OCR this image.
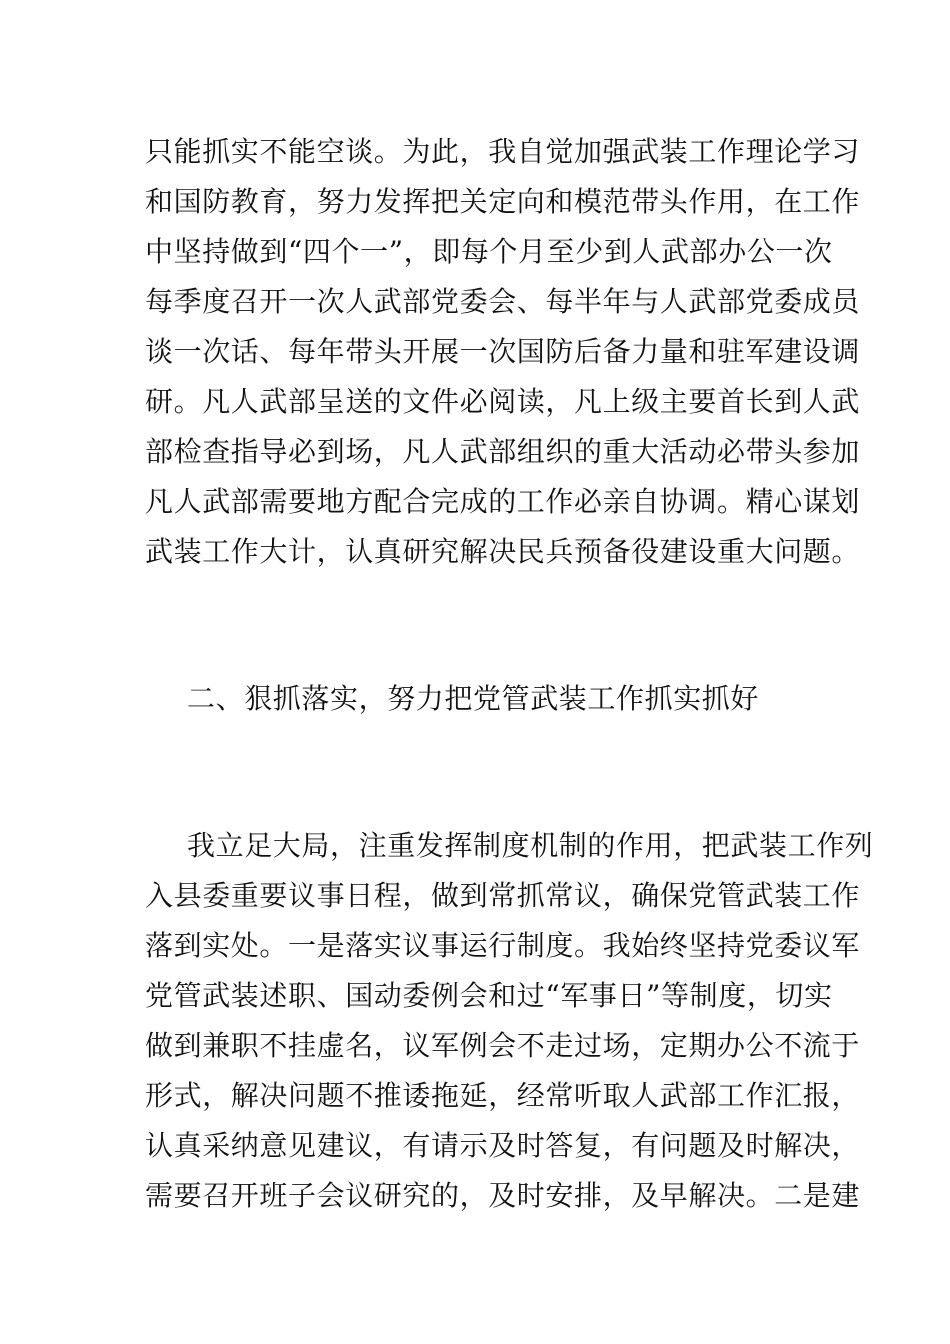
只能抓实不能空谈。为此，我自觉加强武装工作理论学习
和国防教育，努力发挥把关定向和模范带头作用，在工作
中坚持做到“四个一”，即每个月至少到人武部办公一次
每季度召开一次人武部党委会、每半年与人武部党委成员
谈一次话、每年带头开展一次国防后备力量和驻军建设调
研。凡人武部呈送的文件必阅读，凡上级主要首长到人武
部检查指导必到场，凡人武部组织的重大活动必带头参加
凡人武部需要地方配合完成的工作必亲自协调。精心谋划
武装工作大计，认真研究解决民兵预备役建设重大问题。
二、狠抓落实，努力把党管武装工作抓实抓好
我立足大局，注重发挥制度机制的作用，把武装工作列
入县委重要议事日程，做到常抓常议，确保党管武装工作
落到实处。一是落实议事运行制度。我始终坚持党委议军
党管武装述职、国动委例会和过“军事日”等制度，切实
做到兼职不挂虚名，议军例会不走过场，定期办公不流于
形式，解决问题不推诿拖延，经常听取人武部工作汇报，
认真采纳意见建议，有请示及时答复，有问题及时解决，
需要召开班子会议研究的，及时安排，及早解决。二是建
